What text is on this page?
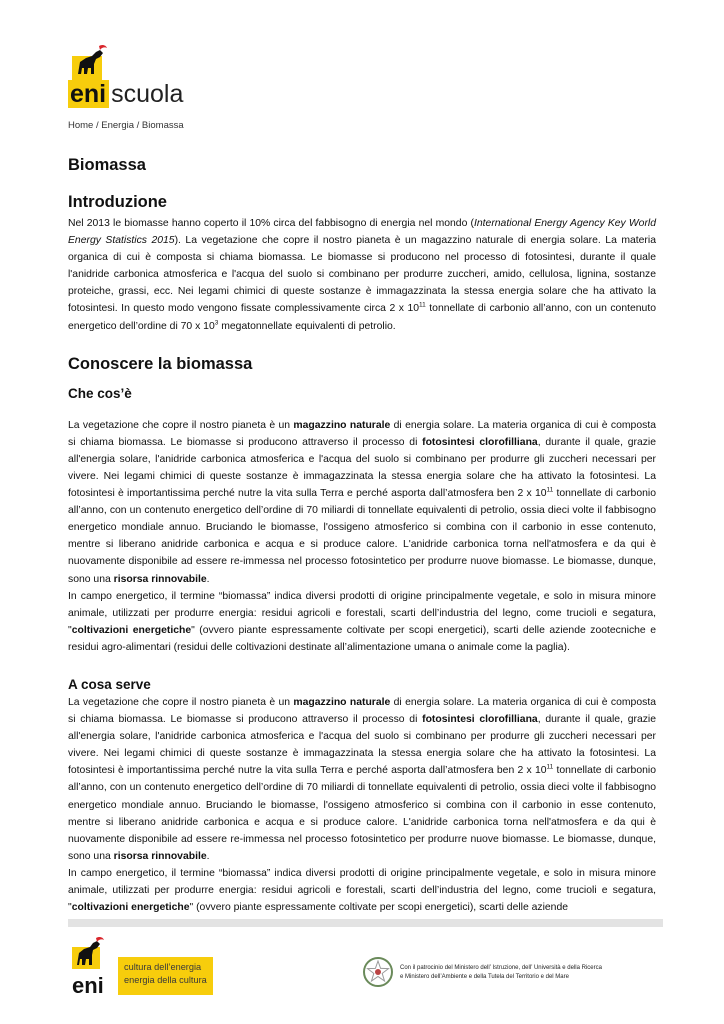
eni scuola
Home / Energia / Biomassa
Biomassa
Introduzione

Nel 2013 le biomasse hanno coperto il 10% circa del fabbisogno di energia nel mondo (International Energy Agency Key World Energy Statistics 2015). La vegetazione che copre il nostro pianeta è un magazzino naturale di energia solare. La materia organica di cui è composta si chiama biomassa. Le biomasse si producono nel processo di fotosintesi, durante il quale l'anidride carbonica atmosferica e l'acqua del suolo si combinano per produrre zuccheri, amido, cellulosa, lignina, sostanze proteiche, grassi, ecc. Nei legami chimici di queste sostanze è immagazzinata la stessa energia solare che ha attivato la fotosintesi. In questo modo vengono fissate complessivamente circa 2 x $10^{11}$ tonnellate di carbonio all’anno, con un contenuto energetico dell’ordine di 70 x $10^3$ megatonnellate equivalenti di petrolio.

Conoscere la biomassa
Che cos’è

La vegetazione che copre il nostro pianeta è un magazzino naturale di energia solare. La materia organica di cui è composta si chiama biomassa. Le biomasse si producono attraverso il processo di fotosintesi clorofilliana, durante il quale, grazie all'energia solare, l'anidride carbonica atmosferica e l'acqua del suolo si combinano per produrre gli zuccheri necessari per vivere. Nei legami chimici di queste sostanze è immagazzinata la stessa energia solare che ha attivato la fotosintesi. La fotosintesi è importantissima perché nutre la vita sulla Terra e perché asporta dall’atmosfera ben 2 x $10^{11}$ tonnellate di carbonio all’anno, con un contenuto energetico dell’ordine di 70 miliardi di tonnellate equivalenti di petrolio, ossia dieci volte il fabbisogno energetico mondiale annuo. Bruciando le biomasse, l'ossigeno atmosferico si combina con il carbonio in esse contenuto, mentre si liberano anidride carbonica e acqua e si produce calore. L'anidride carbonica torna nell'atmosfera e da qui è nuovamente disponibile ad essere re-immessa nel processo fotosintetico per produrre nuove biomasse. Le biomasse, dunque, sono una risorsa rinnovabile.

In campo energetico, il termine “biomassa” indica diversi prodotti di origine principalmente vegetale, e solo in misura minore animale, utilizzati per produrre energia: residui agricoli e forestali, scarti dell’industria del legno, come trucioli e segatura, "coltivazioni energetiche" (ovvero piante espressamente coltivate per scopi energetici), scarti delle aziende zootecniche e residui agro-alimentari (residui delle coltivazioni destinate all’alimentazione umana o animale come la paglia).

A cosa serve

La vegetazione che copre il nostro pianeta è un magazzino naturale di energia solare. La materia organica di cui è composta si chiama biomassa. Le biomasse si producono attraverso il processo di fotosintesi clorofilliana, durante il quale, grazie all'energia solare, l'anidride carbonica atmosferica e l'acqua del suolo si combinano per produrre gli zuccheri necessari per vivere. Nei legami chimici di queste sostanze è immagazzinata la stessa energia solare che ha attivato la fotosintesi. La fotosintesi è importantissima perché nutre la vita sulla Terra e perché asporta dall’atmosfera ben 2 x $10^{11}$ tonnellate di carbonio all’anno, con un contenuto energetico dell’ordine di 70 miliardi di tonnellate equivalenti di petrolio, ossia dieci volte il fabbisogno energetico mondiale annuo. Bruciando le biomasse, l'ossigeno atmosferico si combina con il carbonio in esse contenuto, mentre si liberano anidride carbonica e acqua e si produce calore. L'anidride carbonica torna nell'atmosfera e da qui è nuovamente disponibile ad essere re-immessa nel processo fotosintetico per produrre nuove biomasse. Le biomasse, dunque, sono una risorsa rinnovabile.

In campo energetico, il termine “biomassa” indica diversi prodotti di origine principalmente vegetale, e solo in misura minore animale, utilizzati per produrre energia: residui agricoli e forestali, scarti dell’industria del legno, come trucioli e segatura, "coltivazioni energetiche" (ovvero piante espressamente coltivate per scopi energetici), scarti delle aziende

eni
cultura dell’energia
energia della cultura
Con il patrocinio del Ministero dell’ Istruzione, dell’ Università e della Ricerca
e Ministero dell’Ambiente e della Tutela del Territorio e del Mare
